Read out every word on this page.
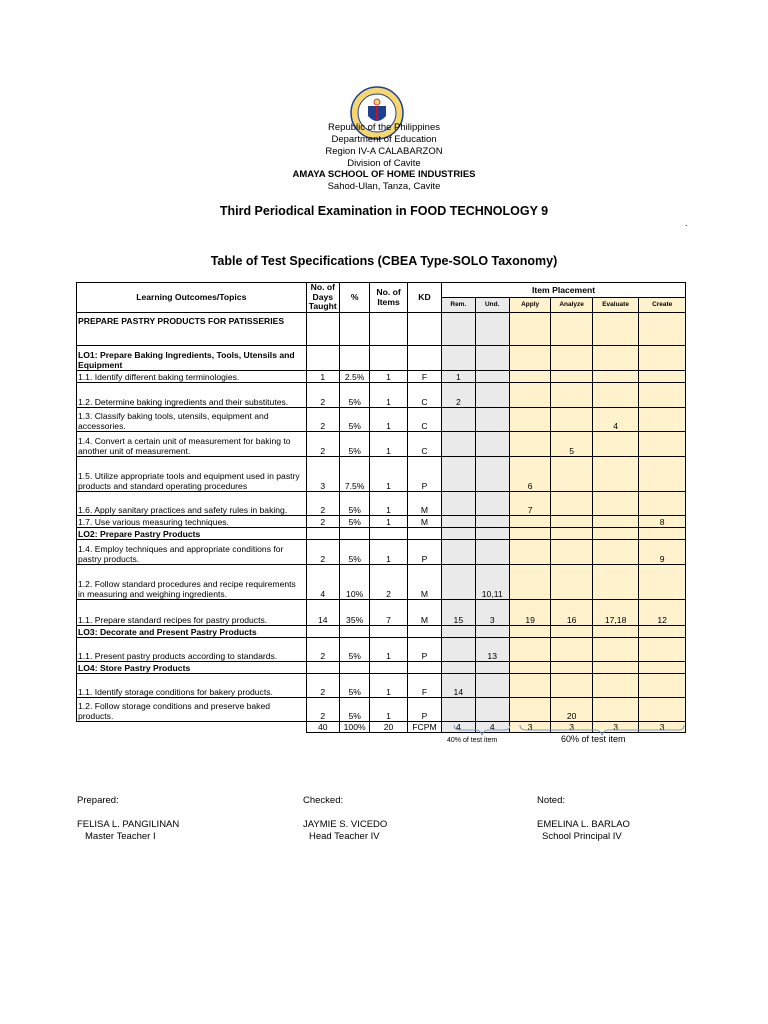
Republic of the Philippines
Department of Education
Region IV-A CALABARZON
Division of Cavite
AMAYA SCHOOL OF HOME INDUSTRIES
Sahod-Ulan, Tanza, Cavite
Third Periodical Examination in FOOD TECHNOLOGY 9
.
Table of Test Specifications (CBEA Type-SOLO Taxonomy)
Learning Outcomes/Topics	No. of Days Taught	%	No. of Items	KD	Item Placement					
					Rem.	Und.	Apply	Analyze	Evaluate	Create
PREPARE PASTRY PRODUCTS FOR PATISSERIES										
LO1: Prepare Baking Ingredients, Tools, Utensils and Equipment										
1.1. Identify different baking terminologies.	1	2.5%	1	F	1					
1.2. Determine baking ingredients and their substitutes.	2	5%	1	C	2					
1.3. Classify baking tools, utensils, equipment and accessories.	2	5%	1	C					4	
1.4. Convert a certain unit of measurement for baking to another unit of measurement.	2	5%	1	C				5		
1.5. Utilize appropriate tools and equipment used in pastry products and standard operating procedures	3	7.5%	1	P			6			
1.6. Apply sanitary practices and safety rules in baking.	2	5%	1	M			7			
1.7. Use various measuring techniques.	2	5%	1	M						8
LO2: Prepare Pastry Products										
1.4. Employ techniques and appropriate conditions for pastry products.	2	5%	1	P						9
1.2. Follow standard procedures and recipe requirements in measuring and weighing ingredients.	4	10%	2	M		10,11				
1.1. Prepare standard recipes for pastry products.	14	35%	7	M	15	3	19	16	17,18	12
LO3: Decorate and Present Pastry Products										
1.1. Present pastry products according to standards.	2	5%	1	P		13				
LO4: Store Pastry Products										
1.1. Identify storage conditions for bakery products.	2	5%	1	F	14					
1.2. Follow storage conditions and preserve baked products.	2	5%	1	P				20		
	40	100%	20	FCPM	4	4	3	3	3	3
40% of test item	60% of test item
Prepared:
FELISA L. PANGILINAN
Master Teacher I
Checked:
JAYMIE S. VICEDO
Head Teacher IV
Noted:
EMELINA L. BARLAO
School Principal IV
